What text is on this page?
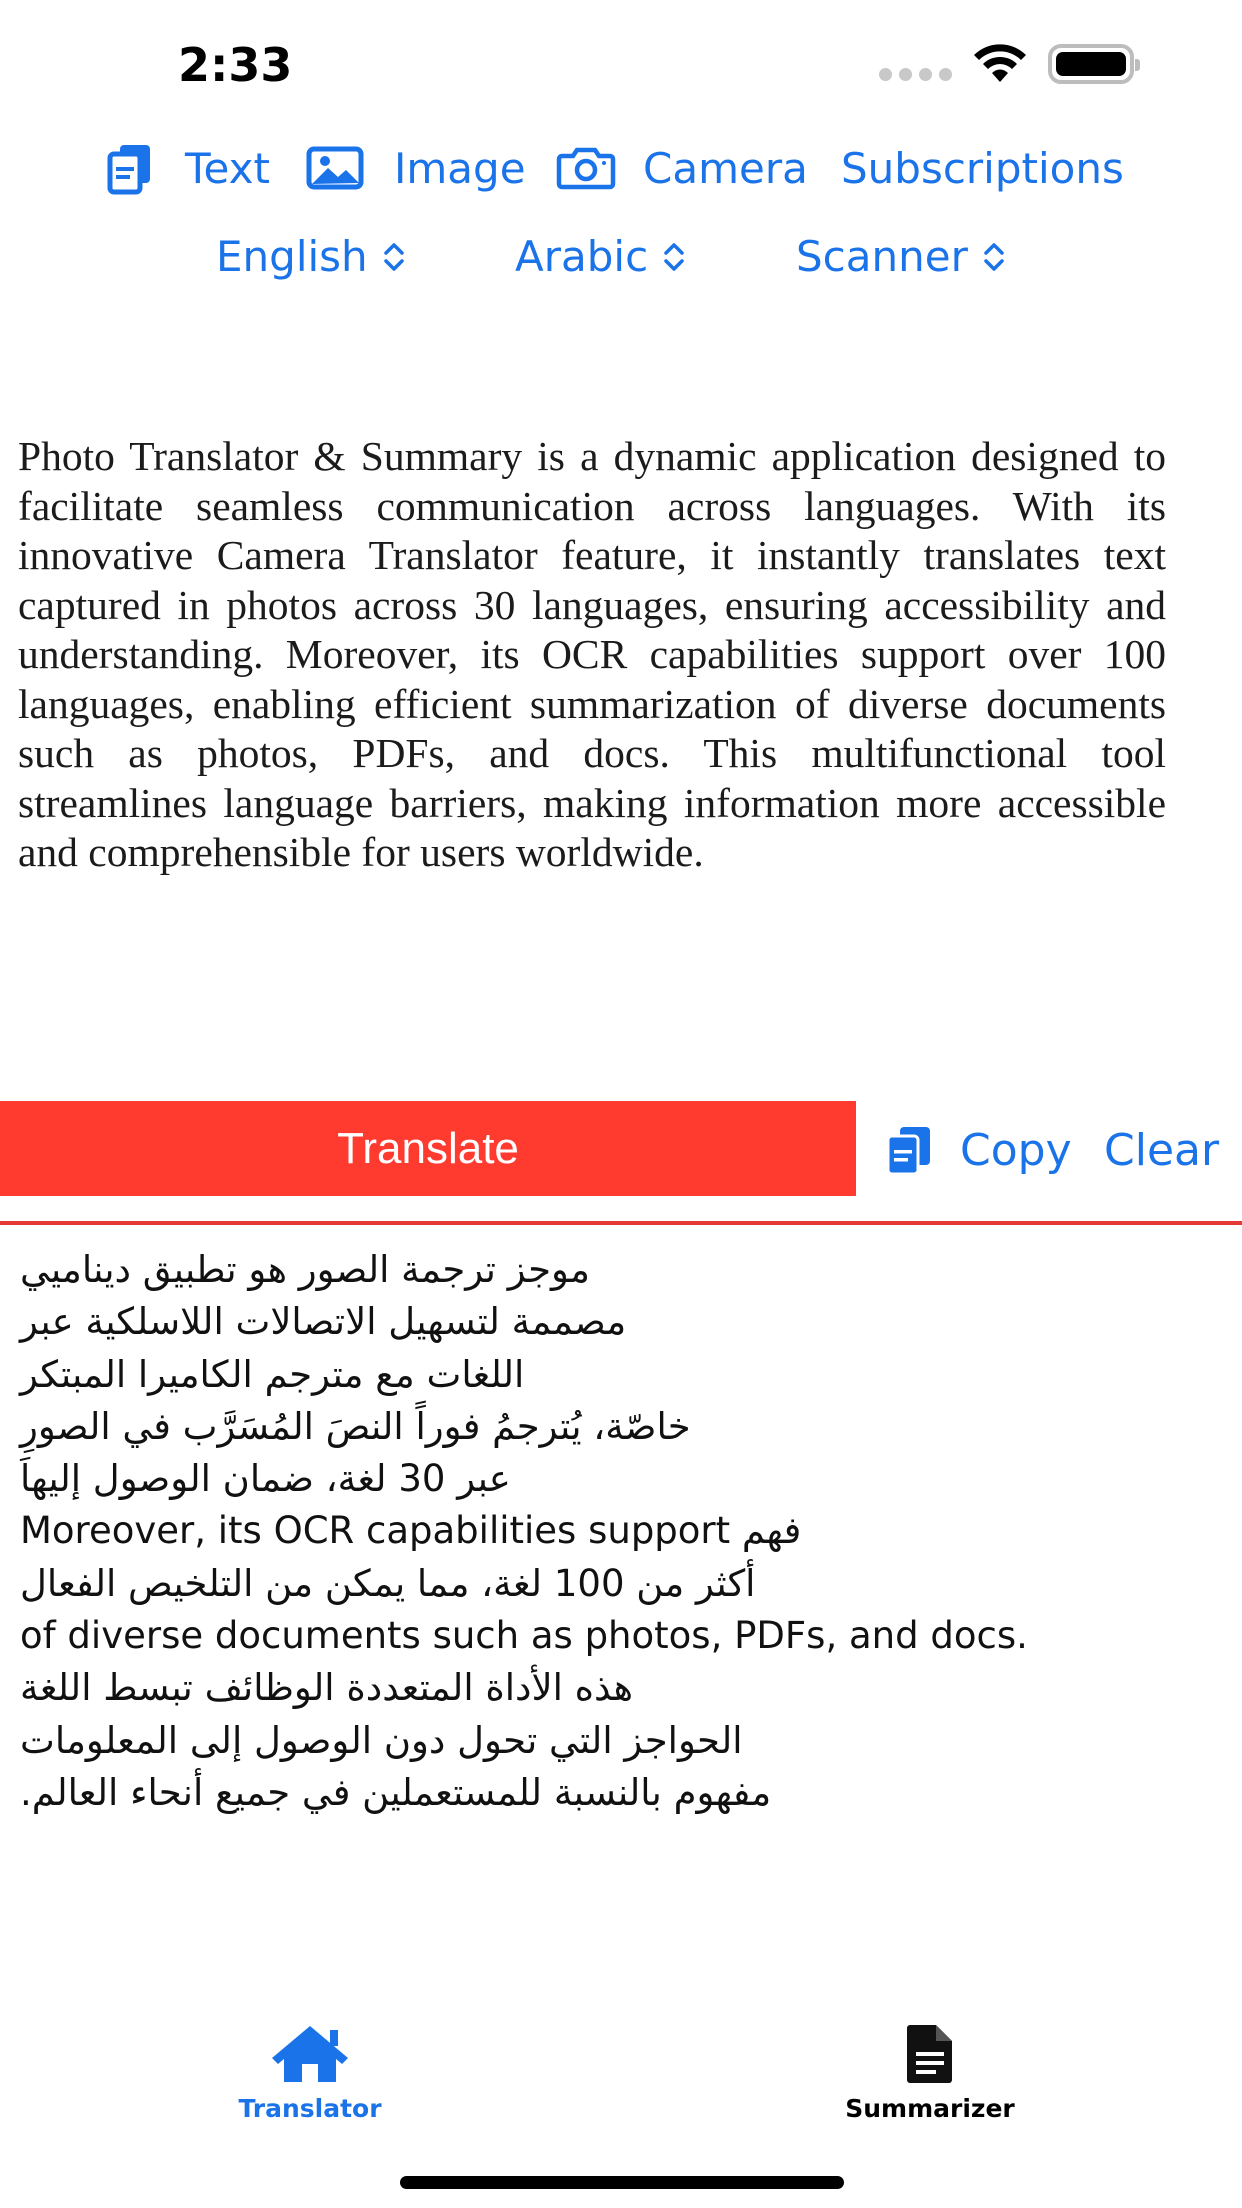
2:33
Text	Image	Camera Subscriptions
English	Arabic	Scanner
Photo Translator & Summary is a dynamic application designed to facilitate seamless communication across languages. With its innovative Camera Translator feature, it instantly translates text captured in photos across 30 languages, ensuring accessibility and understanding. Moreover, its OCR capabilities support over 100 languages, enabling efficient summarization of diverse documents such as photos, PDFs, and docs. This multifunctional tool streamlines language barriers, making information more accessible and comprehensible for users worldwide.
Translate	Copy Clear
موجز ترجمة الصور هو تطبيق ديناميي
مصممة لتسهيل الاتصالات اللاسلكية عبر
اللغات مع مترجم الكاميرا المبتكر
خاصّة، يُترجمُ فوراً النصَ المُسَرَّب في الصورِ
عبر 30 لغة، ضمان الوصول إليهاَ
Moreover, its OCR capabilities support فهم
أكثر من 100 لغة، مما يمكن من التلخيص الفعال
of diverse documents such as photos, PDFs, and docs.
هذه الأداة المتعددة الوظائف تبسط اللغة
الحواجز التي تحول دون الوصول إلى المعلومات
مفهوم بالنسبة للمستعملين في جميع أنحاء العالم.
Translator	Summarizer
